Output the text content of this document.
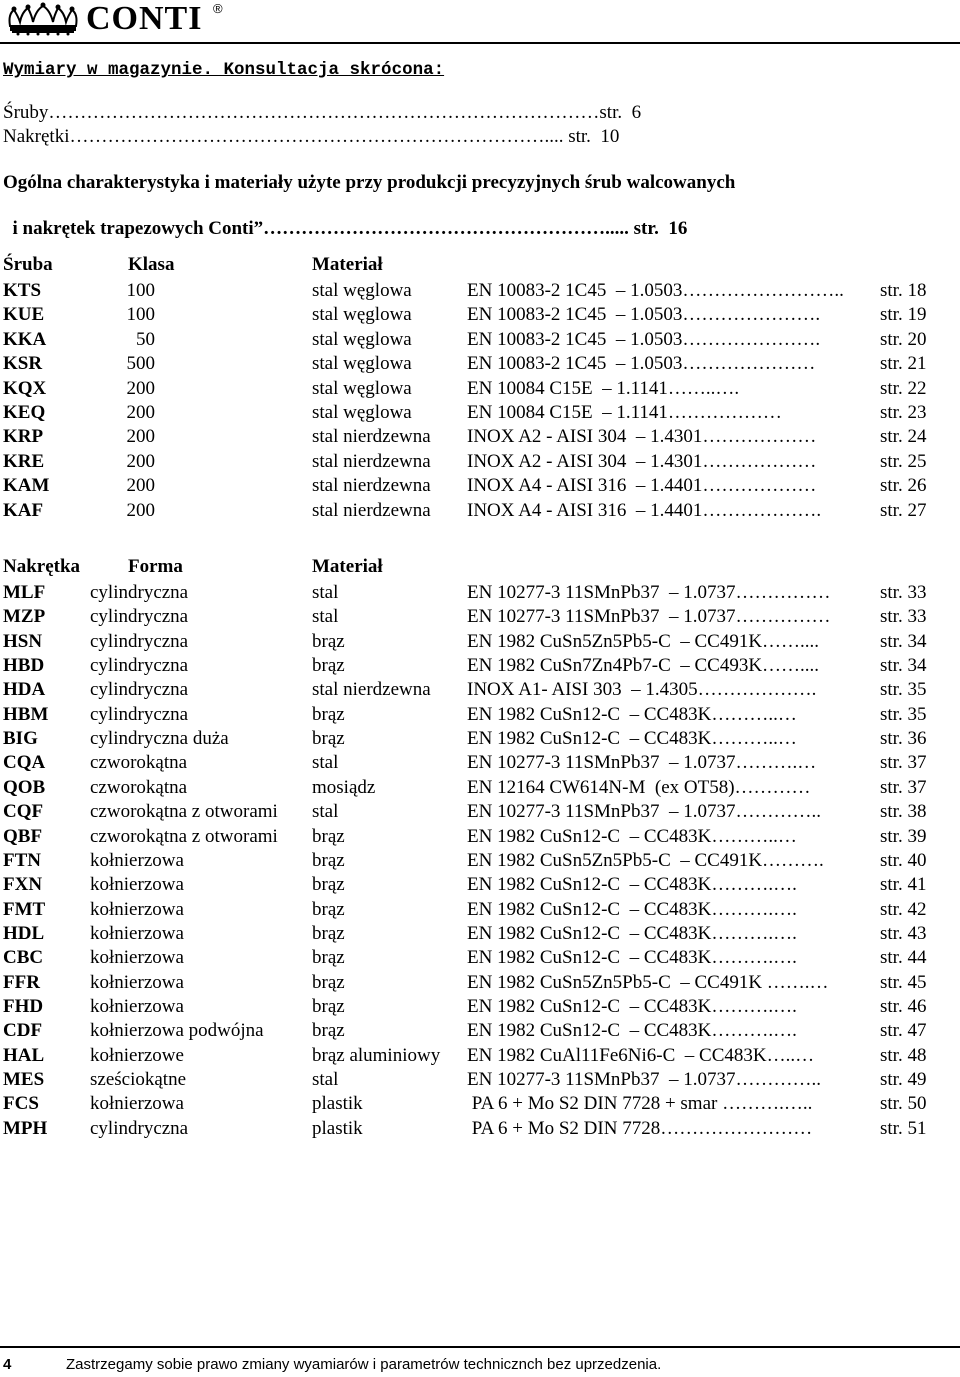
CONTI ®
Wymiary w magazynie. Konsultacja skrócona:
Śruby……………………………………………………………………………str.  6
Nakrętki………………………………………………………………….... str.  10
Ogólna charakterystyka i materiały użyte przy produkcji precyzyjnych śrub walcowanych

i nakrętek trapezowych Conti”………………………………………………..... str.  16

Śruba	Klasa	Materiał
KTS	100	stal węglowa	EN 10083-2 1C45  – 1.0503…………………….. str. 18
KUE	100	stal węglowa	EN 10083-2 1C45  – 1.0503………………….	str. 19
KKA	50	stal węglowa	EN 10083-2 1C45  – 1.0503………………….	str. 20
KSR	500	stal węglowa	EN 10083-2 1C45  – 1.0503…………………	str. 21
KQX	200	stal węglowa	EN 10084 C15E  – 1.1141……..….	str. 22
KEQ	200	stal węglowa	EN 10084 C15E  – 1.1141………………	str. 23
KRP	200	stal nierdzewna INOX A2 - AISI 304  – 1.4301………………	str. 24
KRE	200	stal nierdzewna INOX A2 - AISI 304  – 1.4301………………	str. 25
KAM	200	stal nierdzewna INOX A4 - AISI 316  – 1.4401………………	str. 26
KAF	200	stal nierdzewna INOX A4 - AISI 316  – 1.4401……………….	str. 27
Nakrętka	Forma	Materiał
MLF cylindryczna	stal	EN 10277-3 11SMnPb37  – 1.0737……………	str. 33
MZP cylindryczna	stal	EN 10277-3 11SMnPb37  – 1.0737……………	str. 33
HSN	cylindryczna	brąz	EN 1982 CuSn5Zn5Pb5-C  – CC491K……....	str. 34
HBD cylindryczna	brąz	EN 1982 CuSn7Zn4Pb7-C  – CC493K……....	str. 34
HDA cylindryczna	stal nierdzewna INOX A1- AISI 303  – 1.4305……………….	str. 35
HBM cylindryczna	brąz	EN 1982 CuSn12-C  – CC483K………..…	str. 35
BIG	cylindryczna duża	brąz	EN 1982 CuSn12-C  – CC483K………..…	str. 36
CQA czworokątna	stal	EN 10277-3 11SMnPb37  – 1.0737……….…	str. 37
QOB czworokątna	mosiądz	EN 12164 CW614N-M  (ex OT58)…………	str. 37
CQF czworokątna z otworami stal	EN 10277-3 11SMnPb37  – 1.0737…………..	str. 38
QBF	czworokątna z otworami brąz	EN 1982 CuSn12-C  – CC483K………..…	str. 39
FTN	kołnierzowa	brąz	EN 1982 CuSn5Zn5Pb5-C  – CC491K……….	str. 40
FXN	kołnierzowa	brąz	EN 1982 CuSn12-C  – CC483K……….….	str. 41
FMT kołnierzowa	brąz	EN 1982 CuSn12-C  – CC483K……….….	str. 42
HDL kołnierzowa	brąz	EN 1982 CuSn12-C  – CC483K……….….	str. 43
CBC kołnierzowa	brąz	EN 1982 CuSn12-C  – CC483K……….….	str. 44
FFR	kołnierzowa	brąz	EN 1982 CuSn5Zn5Pb5-C  – CC491K …….…	str. 45
FHD kołnierzowa	brąz	EN 1982 CuSn12-C  – CC483K……….….	str. 46
CDF	kołnierzowa podwójna	brąz	EN 1982 CuSn12-C  – CC483K……….….	str. 47
HAL kołnierzowe	brąz aluminiowy EN 1982 CuAl11Fe6Ni6-C  – CC483K…..…	str. 48
MES sześciokątne	stal	EN 10277-3 11SMnPb37  – 1.0737…………..	str. 49
FCS	kołnierzowa	plastik	PA 6 + Mo S2 DIN 7728 + smar ……….…..	str. 50
MPH cylindryczna	plastik	PA 6 + Mo S2 DIN 7728……………………	str. 51
4	Zastrzegamy sobie prawo zmiany wyamiarów i parametrów technicznch bez uprzedzenia.
